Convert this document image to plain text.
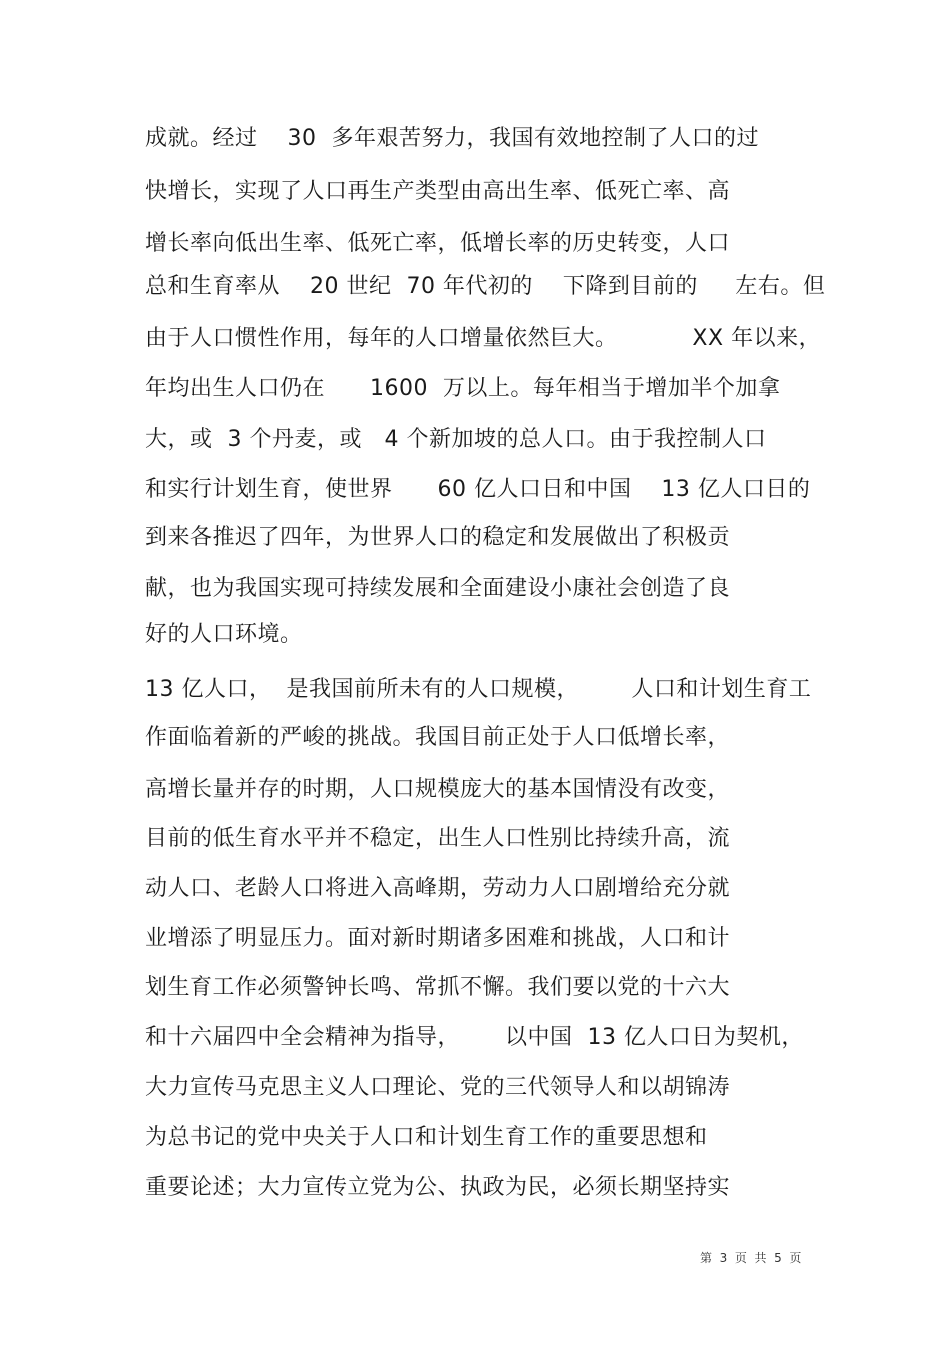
成就。经过    30  多年艰苦努力，我国有效地控制了人口的过
快增长，实现了人口再生产类型由高出生率、低死亡率、高
增长率向低出生率、低死亡率，低增长率的历史转变，人口
总和生育率从    20 世纪  70 年代初的    下降到目前的     左右。但
由于人口惯性作用，每年的人口增量依然巨大。          XX 年以来，
年均出生人口仍在      1600  万以上。每年相当于增加半个加拿
大，或  3 个丹麦，或   4 个新加坡的总人口。由于我控制人口
和实行计划生育，使世界      60 亿人口日和中国    13 亿人口日的
到来各推迟了四年，为世界人口的稳定和发展做出了积极贡
献，也为我国实现可持续发展和全面建设小康社会创造了良
好的人口环境。
13 亿人口，  是我国前所未有的人口规模，       人口和计划生育工
作面临着新的严峻的挑战。我国目前正处于人口低增长率，
高增长量并存的时期，人口规模庞大的基本国情没有改变，
目前的低生育水平并不稳定，出生人口性别比持续升高，流
动人口、老龄人口将进入高峰期，劳动力人口剧增给充分就
业增添了明显压力。面对新时期诸多困难和挑战，人口和计
划生育工作必须警钟长鸣、常抓不懈。我们要以党的十六大
和十六届四中全会精神为指导，      以中国  13 亿人口日为契机，
大力宣传马克思主义人口理论、党的三代领导人和以胡锦涛
为总书记的党中央关于人口和计划生育工作的重要思想和
重要论述；大力宣传立党为公、执政为民，必须长期坚持实
第  3  页  共  5  页
